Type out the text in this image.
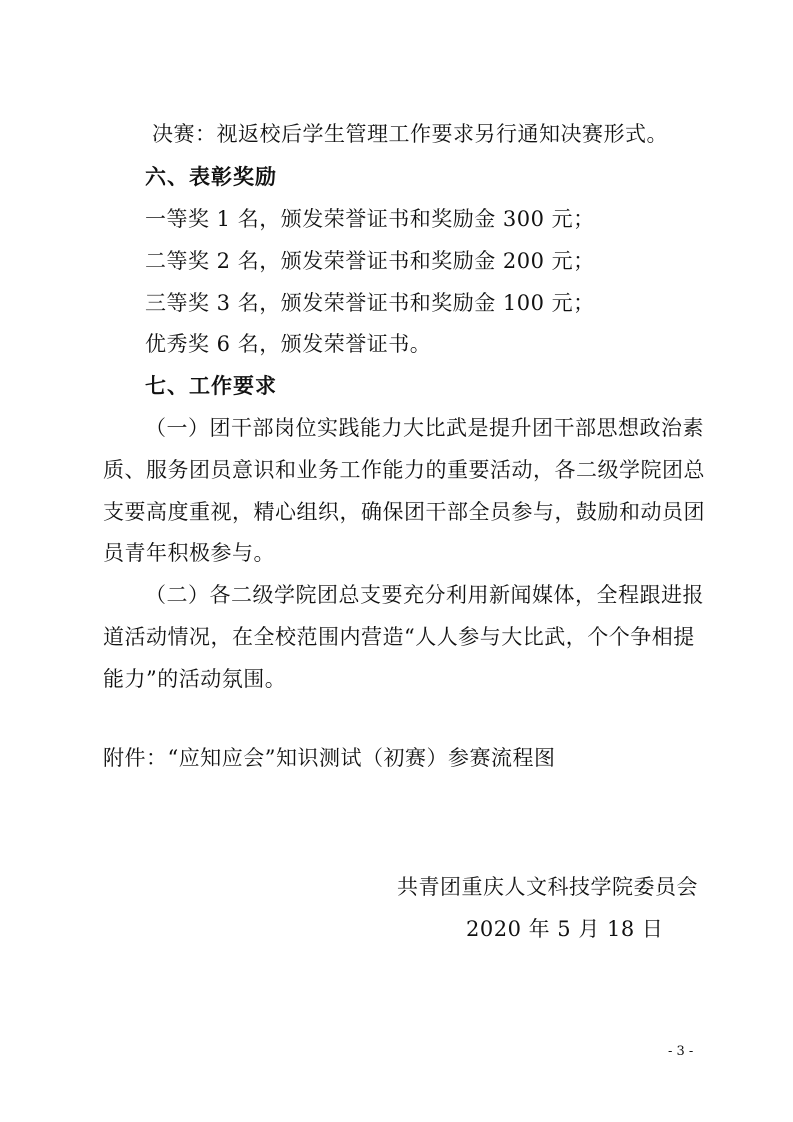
决赛：视返校后学生管理工作要求另行通知决赛形式。
六、表彰奖励
一等奖 1 名，颁发荣誉证书和奖励金 300 元；
二等奖 2 名，颁发荣誉证书和奖励金 200 元；
三等奖 3 名，颁发荣誉证书和奖励金 100 元；
优秀奖 6 名，颁发荣誉证书。
七、工作要求
（一）团干部岗位实践能力大比武是提升团干部思想政治素
质、服务团员意识和业务工作能力的重要活动，各二级学院团总
支要高度重视，精心组织，确保团干部全员参与，鼓励和动员团
员青年积极参与。
（二）各二级学院团总支要充分利用新闻媒体，全程跟进报
道活动情况，在全校范围内营造“人人参与大比武，个个争相提
能力”的活动氛围。
附件：“应知应会”知识测试（初赛）参赛流程图
共青团重庆人文科技学院委员会
2020 年 5 月 18 日
- 3 -
